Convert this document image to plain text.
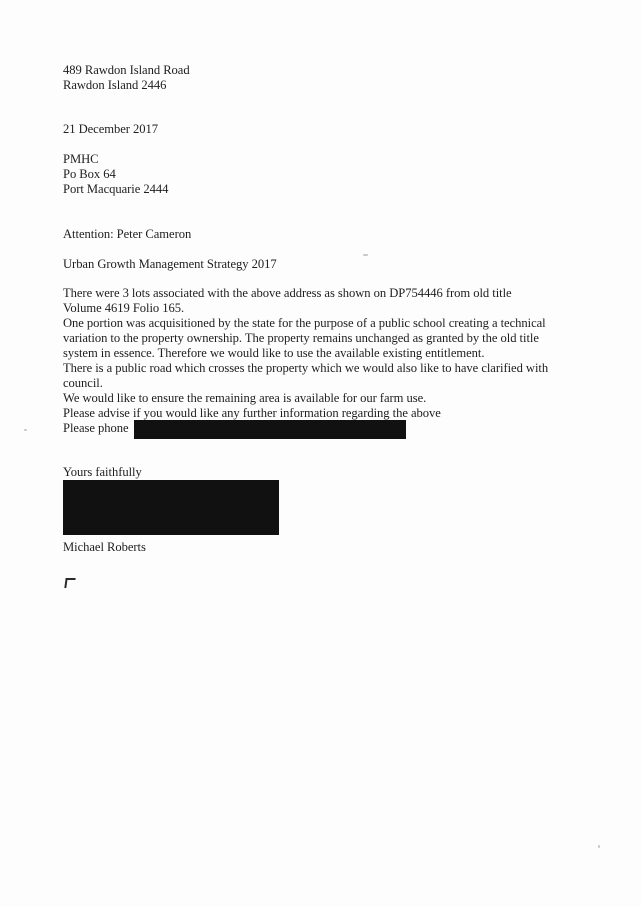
489 Rawdon Island Road
Rawdon Island 2446
21 December 2017
PMHC
Po Box 64
Port Macquarie 2444
Attention: Peter Cameron
Urban Growth Management Strategy 2017
There were 3 lots associated with the above address as shown on DP754446 from old title
Volume 4619 Folio 165.
One portion was acquisitioned by the state for the purpose of a public school creating a technical
variation to the property ownership. The property remains unchanged as granted by the old title
system in essence. Therefore we would like to use the available existing entitlement.
There is a public road which crosses the property which we would also like to have clarified with
council.
We would like to ensure the remaining area is available for our farm use.
Please advise if you would like any further information regarding the above
Please phone
Yours faithfully
Michael Roberts
